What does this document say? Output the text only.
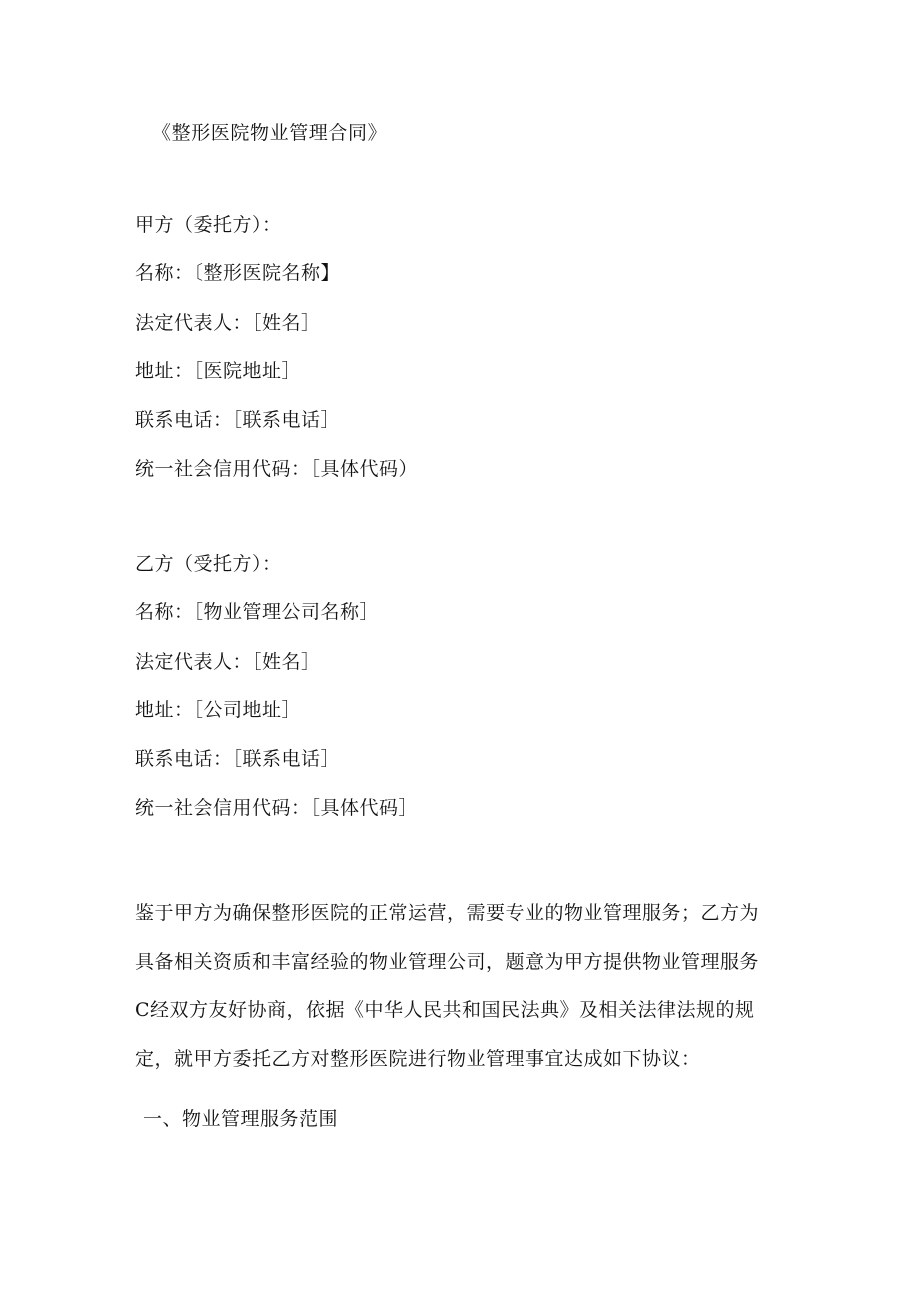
《整形医院物业管理合同》
甲方（委托方）：
名称：〔整形医院名称】
法定代表人：［姓名］
地址：［医院地址］
联系电话：［联系电话］
统一社会信用代码：［具体代码）
乙方（受托方）：
名称：［物业管理公司名称］
法定代表人：［姓名］
地址：［公司地址］
联系电话：［联系电话］
统一社会信用代码：［具体代码］
鉴于甲方为确保整形医院的正常运营，需要专业的物业管理服务；乙方为
具备相关资质和丰富经验的物业管理公司，题意为甲方提供物业管理服务
C经双方友好协商，依据《中华人民共和国民法典》及相关法律法规的规
定，就甲方委托乙方对整形医院进行物业管理事宜达成如下协议：
一、物业管理服务范围
